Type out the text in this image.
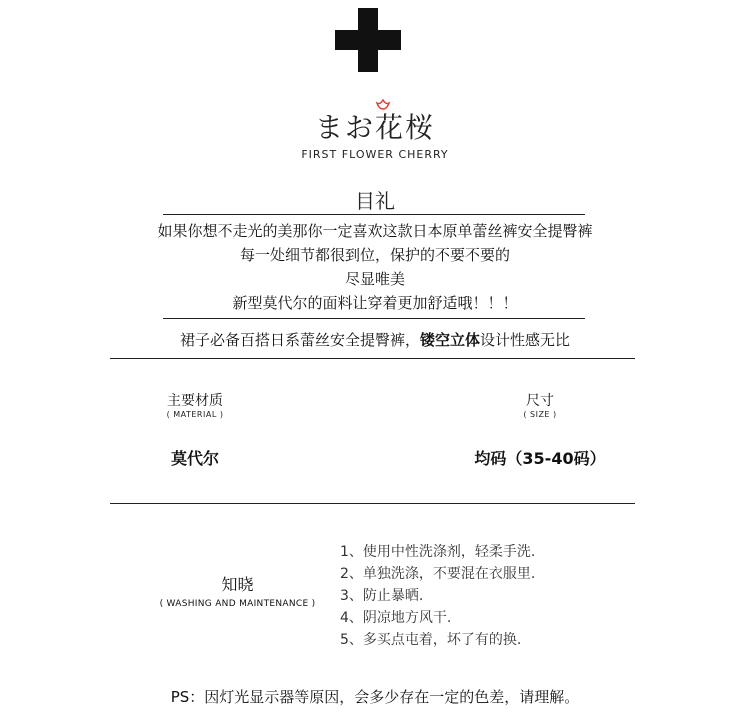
まお花桜
FIRST FLOWER CHERRY
目礼
如果你想不走光的美那你一定喜欢这款日本原单蕾丝裤安全提臀裤
每一处细节都很到位，保护的不要不要的
尽显唯美
新型莫代尔的面料让穿着更加舒适哦！！！
裙子必备百搭日系蕾丝安全提臀裤，镂空立体设计性感无比
主要材质
( MATERIAL )
尺寸
( SIZE )
莫代尔	均码（35-40码）
知晓
( WASHING AND MAINTENANCE )
1、使用中性洗涤剂，轻柔手洗.
2、单独洗涤，不要混在衣服里.
3、防止暴晒.
4、阴凉地方风干.
5、多买点屯着，坏了有的换.
PS：因灯光显示器等原因，会多少存在一定的色差，请理解。
